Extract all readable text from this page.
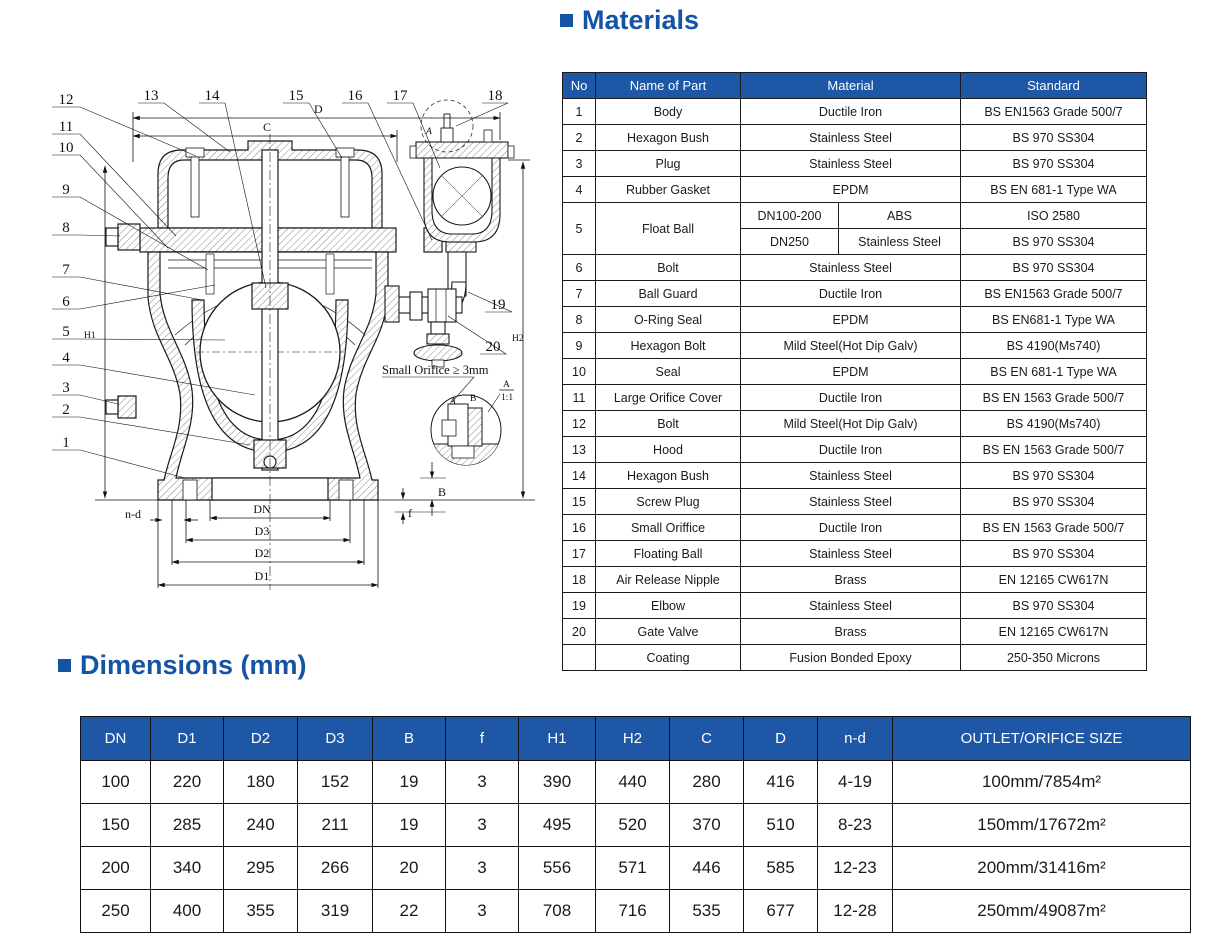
D
C
H1
B
f
DN
D3
D2
D1
n-d
H2
A
12
11
10
9
8
7
6
5
4
3
2
1
13	14	15	16 17	18
19
20
Small Orifice ≥ 3mm
A B
A
1:1
Materials
No	Name of Part	Material		Standard
1	Body	Ductile Iron		BS EN1563 Grade 500/7
2	Hexagon Bush	Stainless Steel		BS 970 SS304
3	Plug	Stainless Steel		BS 970 SS304
4	Rubber Gasket	EPDM		BS EN 681-1 Type WA
5	Float Ball	DN100-200	ABS	ISO 2580
		DN250	Stainless Steel	BS 970 SS304
6	Bolt	Stainless Steel		BS 970 SS304
7	Ball Guard	Ductile Iron		BS EN1563 Grade 500/7
8	O-Ring Seal	EPDM		BS EN681-1 Type WA
9	Hexagon Bolt	Mild Steel(Hot Dip Galv)		BS 4190(Ms740)
10	Seal	EPDM		BS EN 681-1 Type WA
11	Large Orifice Cover	Ductile Iron		BS EN 1563 Grade 500/7
12	Bolt	Mild Steel(Hot Dip Galv)		BS 4190(Ms740)
13	Hood	Ductile Iron		BS EN 1563 Grade 500/7
14	Hexagon Bush	Stainless Steel		BS 970 SS304
15	Screw Plug	Stainless Steel		BS 970 SS304
16	Small Oriffice	Ductile Iron		BS EN 1563 Grade 500/7
17	Floating Ball	Stainless Steel		BS 970 SS304
18	Air Release Nipple	Brass		EN 12165 CW617N
19	Elbow	Stainless Steel		BS 970 SS304
20	Gate Valve	Brass		EN 12165 CW617N
	Coating	Fusion Bonded Epoxy		250-350 Microns
Dimensions (mm)
DN	D1	D2	D3	B	f	H1	H2	C	D	n-d	OUTLET/ORIFICE SIZE
100	220	180	152	19	3	390	440	280	416	4-19	100mm/7854m²
150	285	240	211	19	3	495	520	370	510	8-23	150mm/17672m²
200	340	295	266	20	3	556	571	446	585	12-23	200mm/31416m²
250	400	355	319	22	3	708	716	535	677	12-28	250mm/49087m²
